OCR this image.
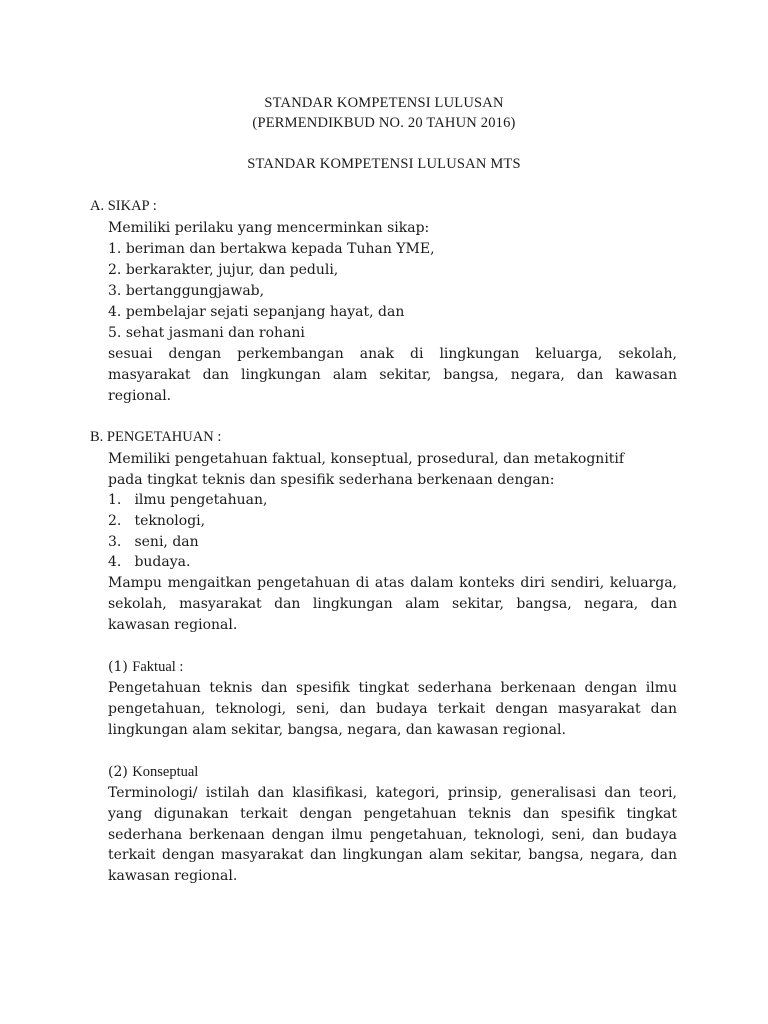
STANDAR KOMPETENSI LULUSAN
(PERMENDIKBUD NO. 20 TAHUN 2016)
STANDAR KOMPETENSI LULUSAN MTS
A. SIKAP :
Memiliki perilaku yang mencerminkan sikap:
1. beriman dan bertakwa kepada Tuhan YME,
2. berkarakter, jujur, dan peduli,
3. bertanggungjawab,
4. pembelajar sejati sepanjang hayat, dan
5. sehat jasmani dan rohani
sesuai dengan perkembangan anak di lingkungan keluarga, sekolah, masyarakat dan lingkungan alam sekitar, bangsa, negara, dan kawasan regional.
B. PENGETAHUAN :
Memiliki pengetahuan faktual, konseptual, prosedural, dan metakognitif
pada tingkat teknis dan spesifik sederhana berkenaan dengan:
1. ilmu pengetahuan,
2. teknologi,
3. seni, dan
4. budaya.
Mampu mengaitkan pengetahuan di atas dalam konteks diri sendiri, keluarga, sekolah, masyarakat dan lingkungan alam sekitar, bangsa, negara, dan kawasan regional.
(1) Faktual :
Pengetahuan teknis dan spesifik tingkat sederhana berkenaan dengan ilmu pengetahuan, teknologi, seni, dan budaya terkait dengan masyarakat dan lingkungan alam sekitar, bangsa, negara, dan kawasan regional.
(2) Konseptual
Terminologi/ istilah dan klasifikasi, kategori, prinsip, generalisasi dan teori, yang digunakan terkait dengan pengetahuan teknis dan spesifik tingkat sederhana berkenaan dengan ilmu pengetahuan, teknologi, seni, dan budaya terkait dengan masyarakat dan lingkungan alam sekitar, bangsa, negara, dan kawasan regional.
